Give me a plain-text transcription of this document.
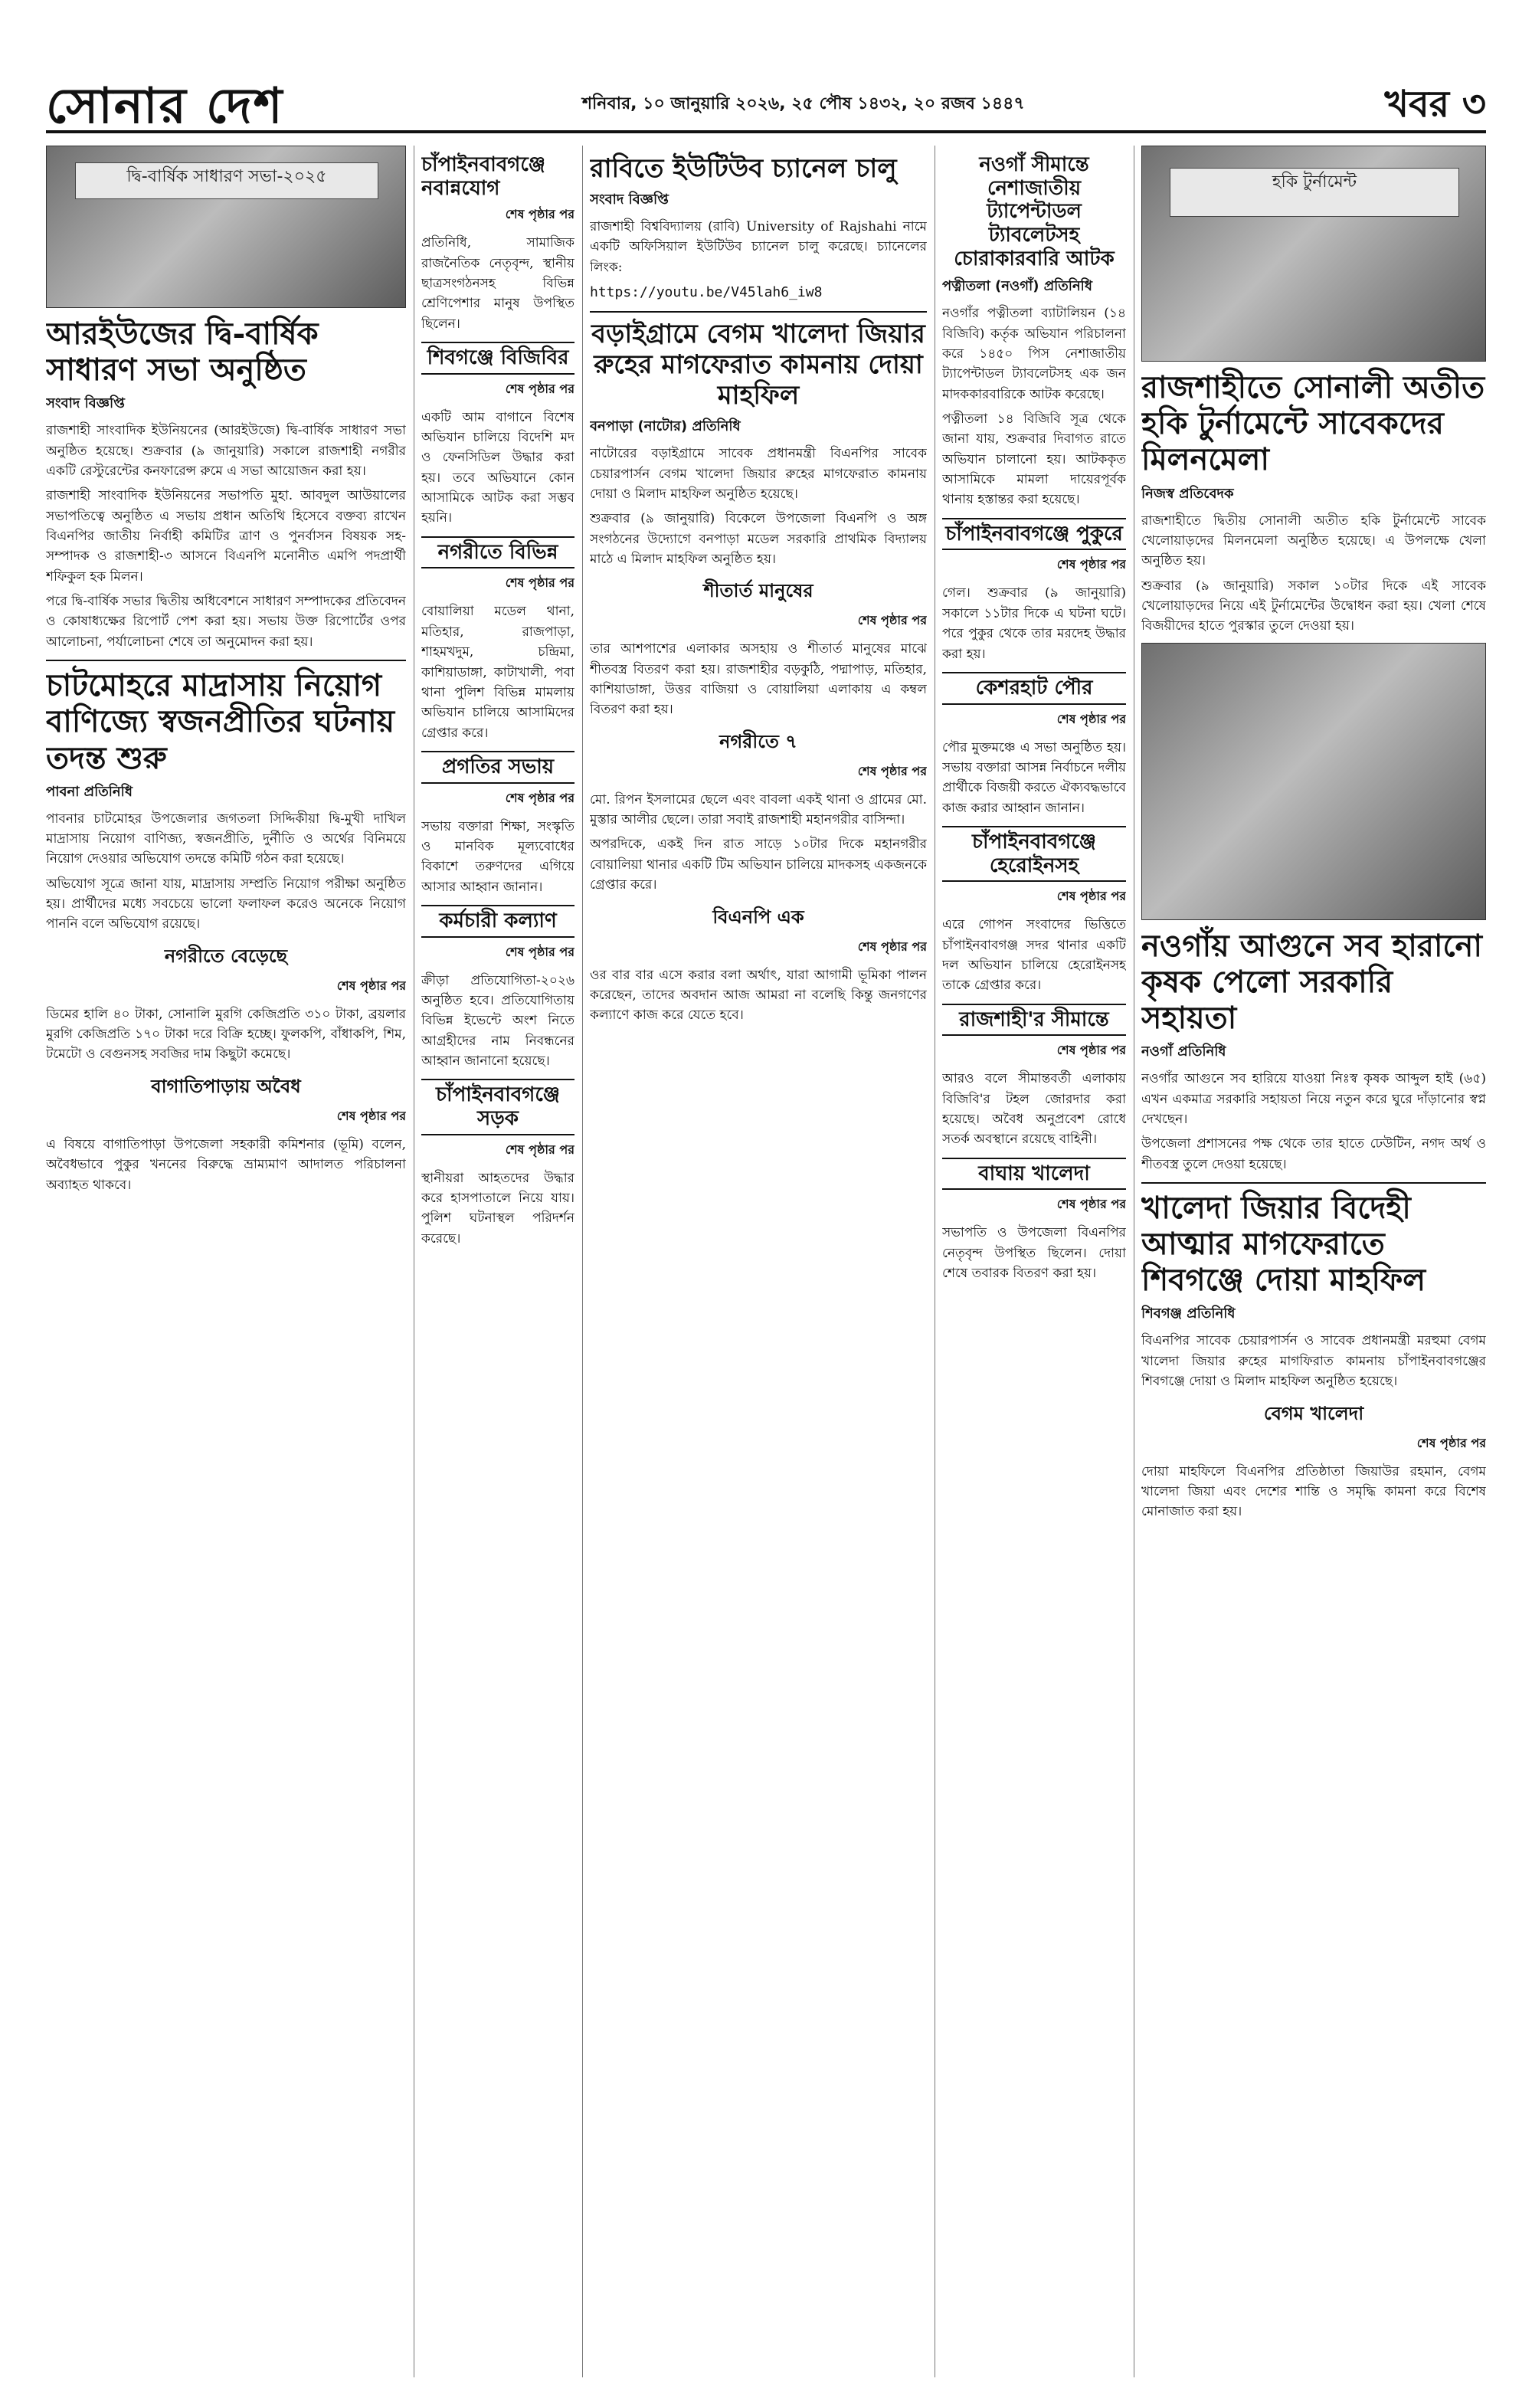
সোনার দেশ	শনিবার, ১০ জানুয়ারি ২০২৬, ২৫ পৌষ ১৪৩২, ২০ রজব ১৪৪৭	খবর ৩
দ্বি-বার্ষিক সাধারণ সভা-২০২৫
আরইউজের দ্বি-বার্ষিক সাধারণ সভা অনুষ্ঠিত
সংবাদ বিজ্ঞপ্তি

রাজশাহী সাংবাদিক ইউনিয়নের (আরইউজে) দ্বি-বার্ষিক সাধারণ সভা অনুষ্ঠিত হয়েছে। শুক্রবার (৯ জানুয়ারি) সকালে রাজশাহী নগরীর একটি রেস্টুরেন্টের কনফারেন্স রুমে এ সভা আয়োজন করা হয়।

রাজশাহী সাংবাদিক ইউনিয়নের সভাপতি মুহা. আবদুল আউয়ালের সভাপতিত্বে অনুষ্ঠিত এ সভায় প্রধান অতিথি হিসেবে বক্তব্য রাখেন বিএনপির জাতীয় নির্বাহী কমিটির ত্রাণ ও পুনর্বাসন বিষয়ক সহ-সম্পাদক ও রাজশাহী-৩ আসনে বিএনপি মনোনীত এমপি পদপ্রার্থী শফিকুল হক মিলন।

পরে দ্বি-বার্ষিক সভার দ্বিতীয় অধিবেশনে সাধারণ সম্পাদকের প্রতিবেদন ও কোষাধ্যক্ষের রিপোর্ট পেশ করা হয়। সভায় উক্ত রিপোর্টের ওপর আলোচনা, পর্যালোচনা শেষে তা অনুমোদন করা হয়।

চাটমোহরে মাদ্রাসায় নিয়োগ বাণিজ্যে স্বজনপ্রীতির ঘটনায় তদন্ত শুরু
পাবনা প্রতিনিধি

পাবনার চাটমোহর উপজেলার জগতলা সিদ্দিকীয়া দ্বি-মুখী দাখিল মাদ্রাসায় নিয়োগ বাণিজ্য, স্বজনপ্রীতি, দুর্নীতি ও অর্থের বিনিময়ে নিয়োগ দেওয়ার অভিযোগ তদন্তে কমিটি গঠন করা হয়েছে।

অভিযোগ সূত্রে জানা যায়, মাদ্রাসায় সম্প্রতি নিয়োগ পরীক্ষা অনুষ্ঠিত হয়। প্রার্থীদের মধ্যে সবচেয়ে ভালো ফলাফল করেও অনেকে নিয়োগ পাননি বলে অভিযোগ রয়েছে।

নগরীতে বেড়েছে
শেষ পৃষ্ঠার পর

ডিমের হালি ৪০ টাকা, সোনালি মুরগি কেজিপ্রতি ৩১০ টাকা, ব্রয়লার মুরগি কেজিপ্রতি ১৭০ টাকা দরে বিক্রি হচ্ছে। ফুলকপি, বাঁধাকপি, শিম, টমেটো ও বেগুনসহ সবজির দাম কিছুটা কমেছে।

বাগাতিপাড়ায় অবৈধ
শেষ পৃষ্ঠার পর

এ বিষয়ে বাগাতিপাড়া উপজেলা সহকারী কমিশনার (ভূমি) বলেন, অবৈধভাবে পুকুর খননের বিরুদ্ধে ভ্রাম্যমাণ আদালত পরিচালনা অব্যাহত থাকবে।

চাঁপাইনবাবগঞ্জে নবান্নযোগ
শেষ পৃষ্ঠার পর

প্রতিনিধি, সামাজিক রাজনৈতিক নেতৃবৃন্দ, স্থানীয় ছাত্রসংগঠনসহ বিভিন্ন শ্রেণিপেশার মানুষ উপস্থিত ছিলেন।

শিবগঞ্জে বিজিবির
শেষ পৃষ্ঠার পর

একটি আম বাগানে বিশেষ অভিযান চালিয়ে বিদেশি মদ ও ফেনসিডিল উদ্ধার করা হয়। তবে অভিযানে কোন আসামিকে আটক করা সম্ভব হয়নি।

নগরীতে বিভিন্ন
শেষ পৃষ্ঠার পর

বোয়ালিয়া মডেল থানা, মতিহার, রাজপাড়া, শাহমখদুম, চন্দ্রিমা, কাশিয়াডাঙ্গা, কাটাখালী, পবা থানা পুলিশ বিভিন্ন মামলায় অভিযান চালিয়ে আসামিদের গ্রেপ্তার করে।

প্রগতির সভায়
শেষ পৃষ্ঠার পর

সভায় বক্তারা শিক্ষা, সংস্কৃতি ও মানবিক মূল্যবোধের বিকাশে তরুণদের এগিয়ে আসার আহ্বান জানান।

কর্মচারী কল্যাণ
শেষ পৃষ্ঠার পর

ক্রীড়া প্রতিযোগিতা-২০২৬ অনুষ্ঠিত হবে। প্রতিযোগিতায় বিভিন্ন ইভেন্টে অংশ নিতে আগ্রহীদের নাম নিবন্ধনের আহ্বান জানানো হয়েছে।

চাঁপাইনবাবগঞ্জে সড়ক
শেষ পৃষ্ঠার পর

স্থানীয়রা আহতদের উদ্ধার করে হাসপাতালে নিয়ে যায়। পুলিশ ঘটনাস্থল পরিদর্শন করেছে।

রাবিতে ইউটিউব চ্যানেল চালু
সংবাদ বিজ্ঞপ্তি

রাজশাহী বিশ্ববিদ্যালয় (রাবি) University of Rajshahi নামে একটি অফিসিয়াল ইউটিউব চ্যানেল চালু করেছে। চ্যানেলের লিংক:

https://youtu.be/V45lah6_iw8

বড়াইগ্রামে বেগম খালেদা জিয়ার রুহের মাগফেরাত কামনায় দোয়া মাহফিল
বনপাড়া (নাটোর) প্রতিনিধি

নাটোরের বড়াইগ্রামে সাবেক প্রধানমন্ত্রী বিএনপির সাবেক চেয়ারপার্সন বেগম খালেদা জিয়ার রুহের মাগফেরাত কামনায় দোয়া ও মিলাদ মাহফিল অনুষ্ঠিত হয়েছে।

শুক্রবার (৯ জানুয়ারি) বিকেলে উপজেলা বিএনপি ও অঙ্গ সংগঠনের উদ্যোগে বনপাড়া মডেল সরকারি প্রাথমিক বিদ্যালয় মাঠে এ মিলাদ মাহফিল অনুষ্ঠিত হয়।

শীতার্ত মানুষের
শেষ পৃষ্ঠার পর

তার আশপাশের এলাকার অসহায় ও শীতার্ত মানুষের মাঝে শীতবস্ত্র বিতরণ করা হয়। রাজশাহীর বড়কুঠি, পদ্মাপাড়, মতিহার, কাশিয়াডাঙ্গা, উত্তর বাজিয়া ও বোয়ালিয়া এলাকায় এ কম্বল বিতরণ করা হয়।

নগরীতে ৭
শেষ পৃষ্ঠার পর

মো. রিপন ইসলামের ছেলে এবং বাবলা একই থানা ও গ্রামের মো. মুস্তার আলীর ছেলে। তারা সবাই রাজশাহী মহানগরীর বাসিন্দা।

অপরদিকে, একই দিন রাত সাড়ে ১০টার দিকে মহানগরীর বোয়ালিয়া থানার একটি টিম অভিযান চালিয়ে মাদকসহ একজনকে গ্রেপ্তার করে।

বিএনপি এক
শেষ পৃষ্ঠার পর

ওর বার বার এসে করার বলা অর্থাৎ, যারা আগামী ভূমিকা পালন করেছেন, তাদের অবদান আজ আমরা না বলেছি কিন্তু জনগণের কল্যাণে কাজ করে যেতে হবে।

নওগাঁ সীমান্তে নেশাজাতীয় ট্যাপেন্টাডল ট্যাবলেটসহ চোরাকারবারি আটক
পত্নীতলা (নওগাঁ) প্রতিনিধি

নওগাঁর পত্নীতলা ব্যাটালিয়ন (১৪ বিজিবি) কর্তৃক অভিযান পরিচালনা করে ১৪৫০ পিস নেশাজাতীয় ট্যাপেন্টাডল ট্যাবলেটসহ এক জন মাদককারবারিকে আটক করেছে।

পত্নীতলা ১৪ বিজিবি সূত্র থেকে জানা যায়, শুক্রবার দিবাগত রাতে অভিযান চালানো হয়। আটককৃত আসামিকে মামলা দায়েরপূর্বক থানায় হস্তান্তর করা হয়েছে।

চাঁপাইনবাবগঞ্জে পুকুরে
শেষ পৃষ্ঠার পর

গেল। শুক্রবার (৯ জানুয়ারি) সকালে ১১টার দিকে এ ঘটনা ঘটে। পরে পুকুর থেকে তার মরদেহ উদ্ধার করা হয়।

কেশরহাট পৌর
শেষ পৃষ্ঠার পর

পৌর মুক্তমঞ্চে এ সভা অনুষ্ঠিত হয়। সভায় বক্তারা আসন্ন নির্বাচনে দলীয় প্রার্থীকে বিজয়ী করতে ঐক্যবদ্ধভাবে কাজ করার আহ্বান জানান।

চাঁপাইনবাবগঞ্জে হেরোইনসহ
শেষ পৃষ্ঠার পর

এরে গোপন সংবাদের ভিত্তিতে চাঁপাইনবাবগঞ্জ সদর থানার একটি দল অভিযান চালিয়ে হেরোইনসহ তাকে গ্রেপ্তার করে।

রাজশাহী'র সীমান্তে
শেষ পৃষ্ঠার পর

আরও বলে সীমান্তবর্তী এলাকায় বিজিবি'র টহল জোরদার করা হয়েছে। অবৈধ অনুপ্রবেশ রোধে সতর্ক অবস্থানে রয়েছে বাহিনী।

বাঘায় খালেদা
শেষ পৃষ্ঠার পর

সভাপতি ও উপজেলা বিএনপির নেতৃবৃন্দ উপস্থিত ছিলেন। দোয়া শেষে তবারক বিতরণ করা হয়।

হকি টুর্নামেন্ট
রাজশাহীতে সোনালী অতীত হকি টুর্নামেন্টে সাবেকদের মিলনমেলা
নিজস্ব প্রতিবেদক

রাজশাহীতে দ্বিতীয় সোনালী অতীত হকি টুর্নামেন্টে সাবেক খেলোয়াড়দের মিলনমেলা অনুষ্ঠিত হয়েছে। এ উপলক্ষে খেলা অনুষ্ঠিত হয়।

শুক্রবার (৯ জানুয়ারি) সকাল ১০টার দিকে এই সাবেক খেলোয়াড়দের নিয়ে এই টুর্নামেন্টের উদ্বোধন করা হয়। খেলা শেষে বিজয়ীদের হাতে পুরস্কার তুলে দেওয়া হয়।

নওগাঁয় আগুনে সব হারানো কৃষক পেলো সরকারি সহায়তা
নওগাঁ প্রতিনিধি

নওগাঁর আগুনে সব হারিয়ে যাওয়া নিঃস্ব কৃষক আব্দুল হাই (৬৫) এখন একমাত্র সরকারি সহায়তা নিয়ে নতুন করে ঘুরে দাঁড়ানোর স্বপ্ন দেখছেন।

উপজেলা প্রশাসনের পক্ষ থেকে তার হাতে ঢেউটিন, নগদ অর্থ ও শীতবস্ত্র তুলে দেওয়া হয়েছে।

খালেদা জিয়ার বিদেহী আত্মার মাগফেরাতে শিবগঞ্জে দোয়া মাহফিল
শিবগঞ্জ প্রতিনিধি

বিএনপির সাবেক চেয়ারপার্সন ও সাবেক প্রধানমন্ত্রী মরহুমা বেগম খালেদা জিয়ার রুহের মাগফিরাত কামনায় চাঁপাইনবাবগঞ্জের শিবগঞ্জে দোয়া ও মিলাদ মাহফিল অনুষ্ঠিত হয়েছে।

বেগম খালেদা
শেষ পৃষ্ঠার পর

দোয়া মাহফিলে বিএনপির প্রতিষ্ঠাতা জিয়াউর রহমান, বেগম খালেদা জিয়া এবং দেশের শান্তি ও সমৃদ্ধি কামনা করে বিশেষ মোনাজাত করা হয়।
